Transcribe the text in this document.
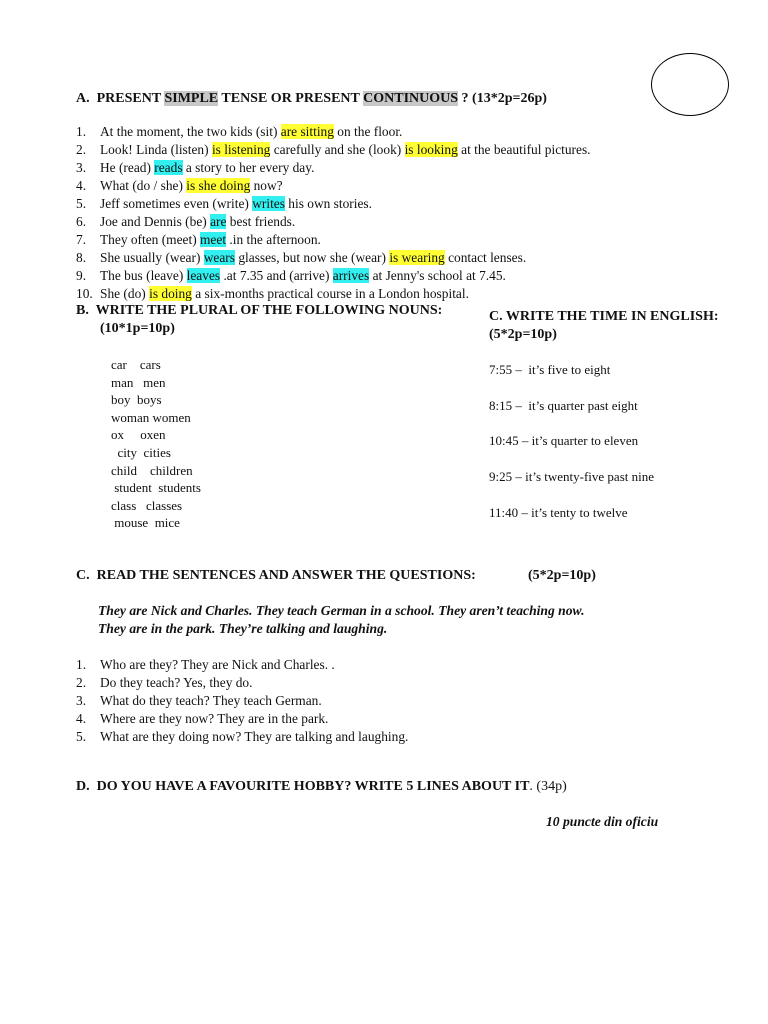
A. PRESENT SIMPLE TENSE OR PRESENT CONTINUOUS ? (13*2p=26p)
1. At the moment, the two kids (sit) are sitting on the floor.
2. Look! Linda (listen) is listening carefully and she (look) is looking at the beautiful pictures.
3. He (read) reads a story to her every day.
4. What (do / she) is she doing now?
5. Jeff sometimes even (write) writes his own stories.
6. Joe and Dennis (be) are best friends.
7. They often (meet) meet .in the afternoon.
8. She usually (wear) wears glasses, but now she (wear) is wearing contact lenses.
9. The bus (leave) leaves .at 7.35 and (arrive) arrives at Jenny's school at 7.45.
10. She (do) is doing a six-months practical course in a London hospital.
B. WRITE THE PLURAL OF THE FOLLOWING NOUNS:
(10*1p=10p)
car    cars
man   men
boy  boys
woman women
ox     oxen
city  cities
child    children
student  students
class   classes
mouse  mice
C. WRITE THE TIME IN ENGLISH:
(5*2p=10p)
7:55 –  it’s five to eight
8:15 –  it’s quarter past eight
10:45 – it’s quarter to eleven
9:25 – it’s twenty-five past nine
11:40 – it’s tenty to twelve
C. READ THE SENTENCES AND ANSWER THE QUESTIONS:	(5*2p=10p)
They are Nick and Charles. They teach German in a school. They aren’t teaching now.
They are in the park. They’re talking and laughing.
1. Who are they? They are Nick and Charles. .
2. Do they teach? Yes, they do.
3. What do they teach? They teach German.
4. Where are they now? They are in the park.
5. What are they doing now? They are talking and laughing.
D. DO YOU HAVE A FAVOURITE HOBBY? WRITE 5 LINES ABOUT IT. (34p)
10 puncte din oficiu
